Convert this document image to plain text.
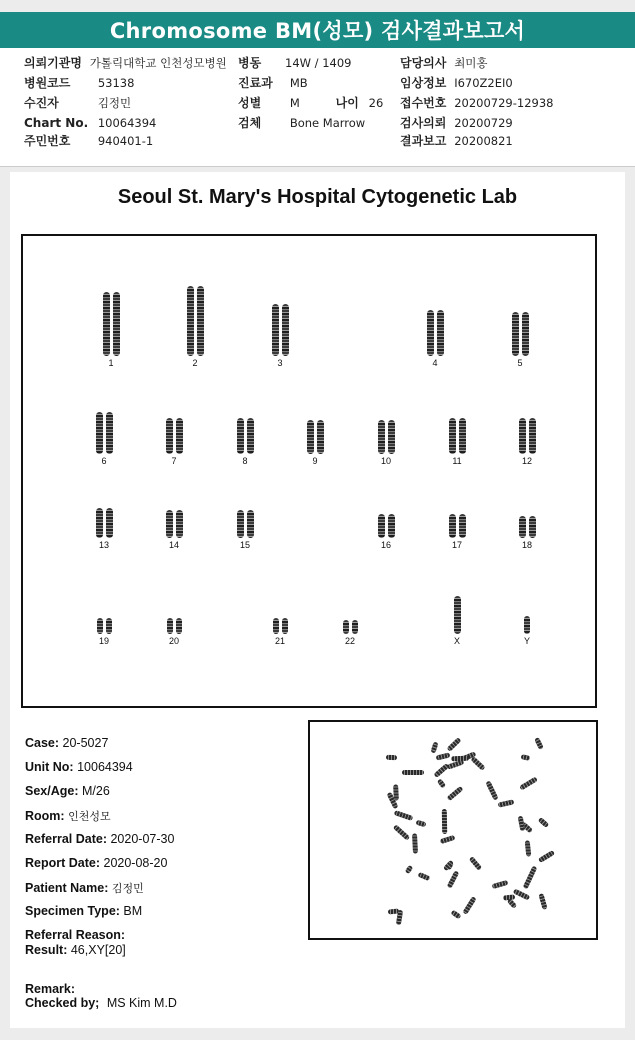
Chromosome BM(성모) 검사결과보고서
의뢰기관명 가톨릭대학교 인천성모병원 병동 14W / 1409	담당의사 최미홍
병원코드 53138	진료과 MB	임상정보 I670Z2EI0
수진자	김정민	성별 M	나이 26 접수번호 20200729-12938
Chart No. 10064394	검체 Bone Marrow	검사의뢰 20200729
주민번호 940401-1	결과보고 20200821
Seoul St. Mary's Hospital Cytogenetic Lab
1	2	3	4	5
6	7	8	9	10	11	12
13	14	15	16	17	18
19	20	21	22	X	Y
Case: 20-5027
Unit No: 10064394
Sex/Age: M/26
Room: 인천성모
Referral Date: 2020-07-30
Report Date: 2020-08-20
Patient Name: 김정민
Specimen Type: BM
Referral Reason:
Result: 46,XY[20]
Remark:
Checked by; MS Kim M.D
